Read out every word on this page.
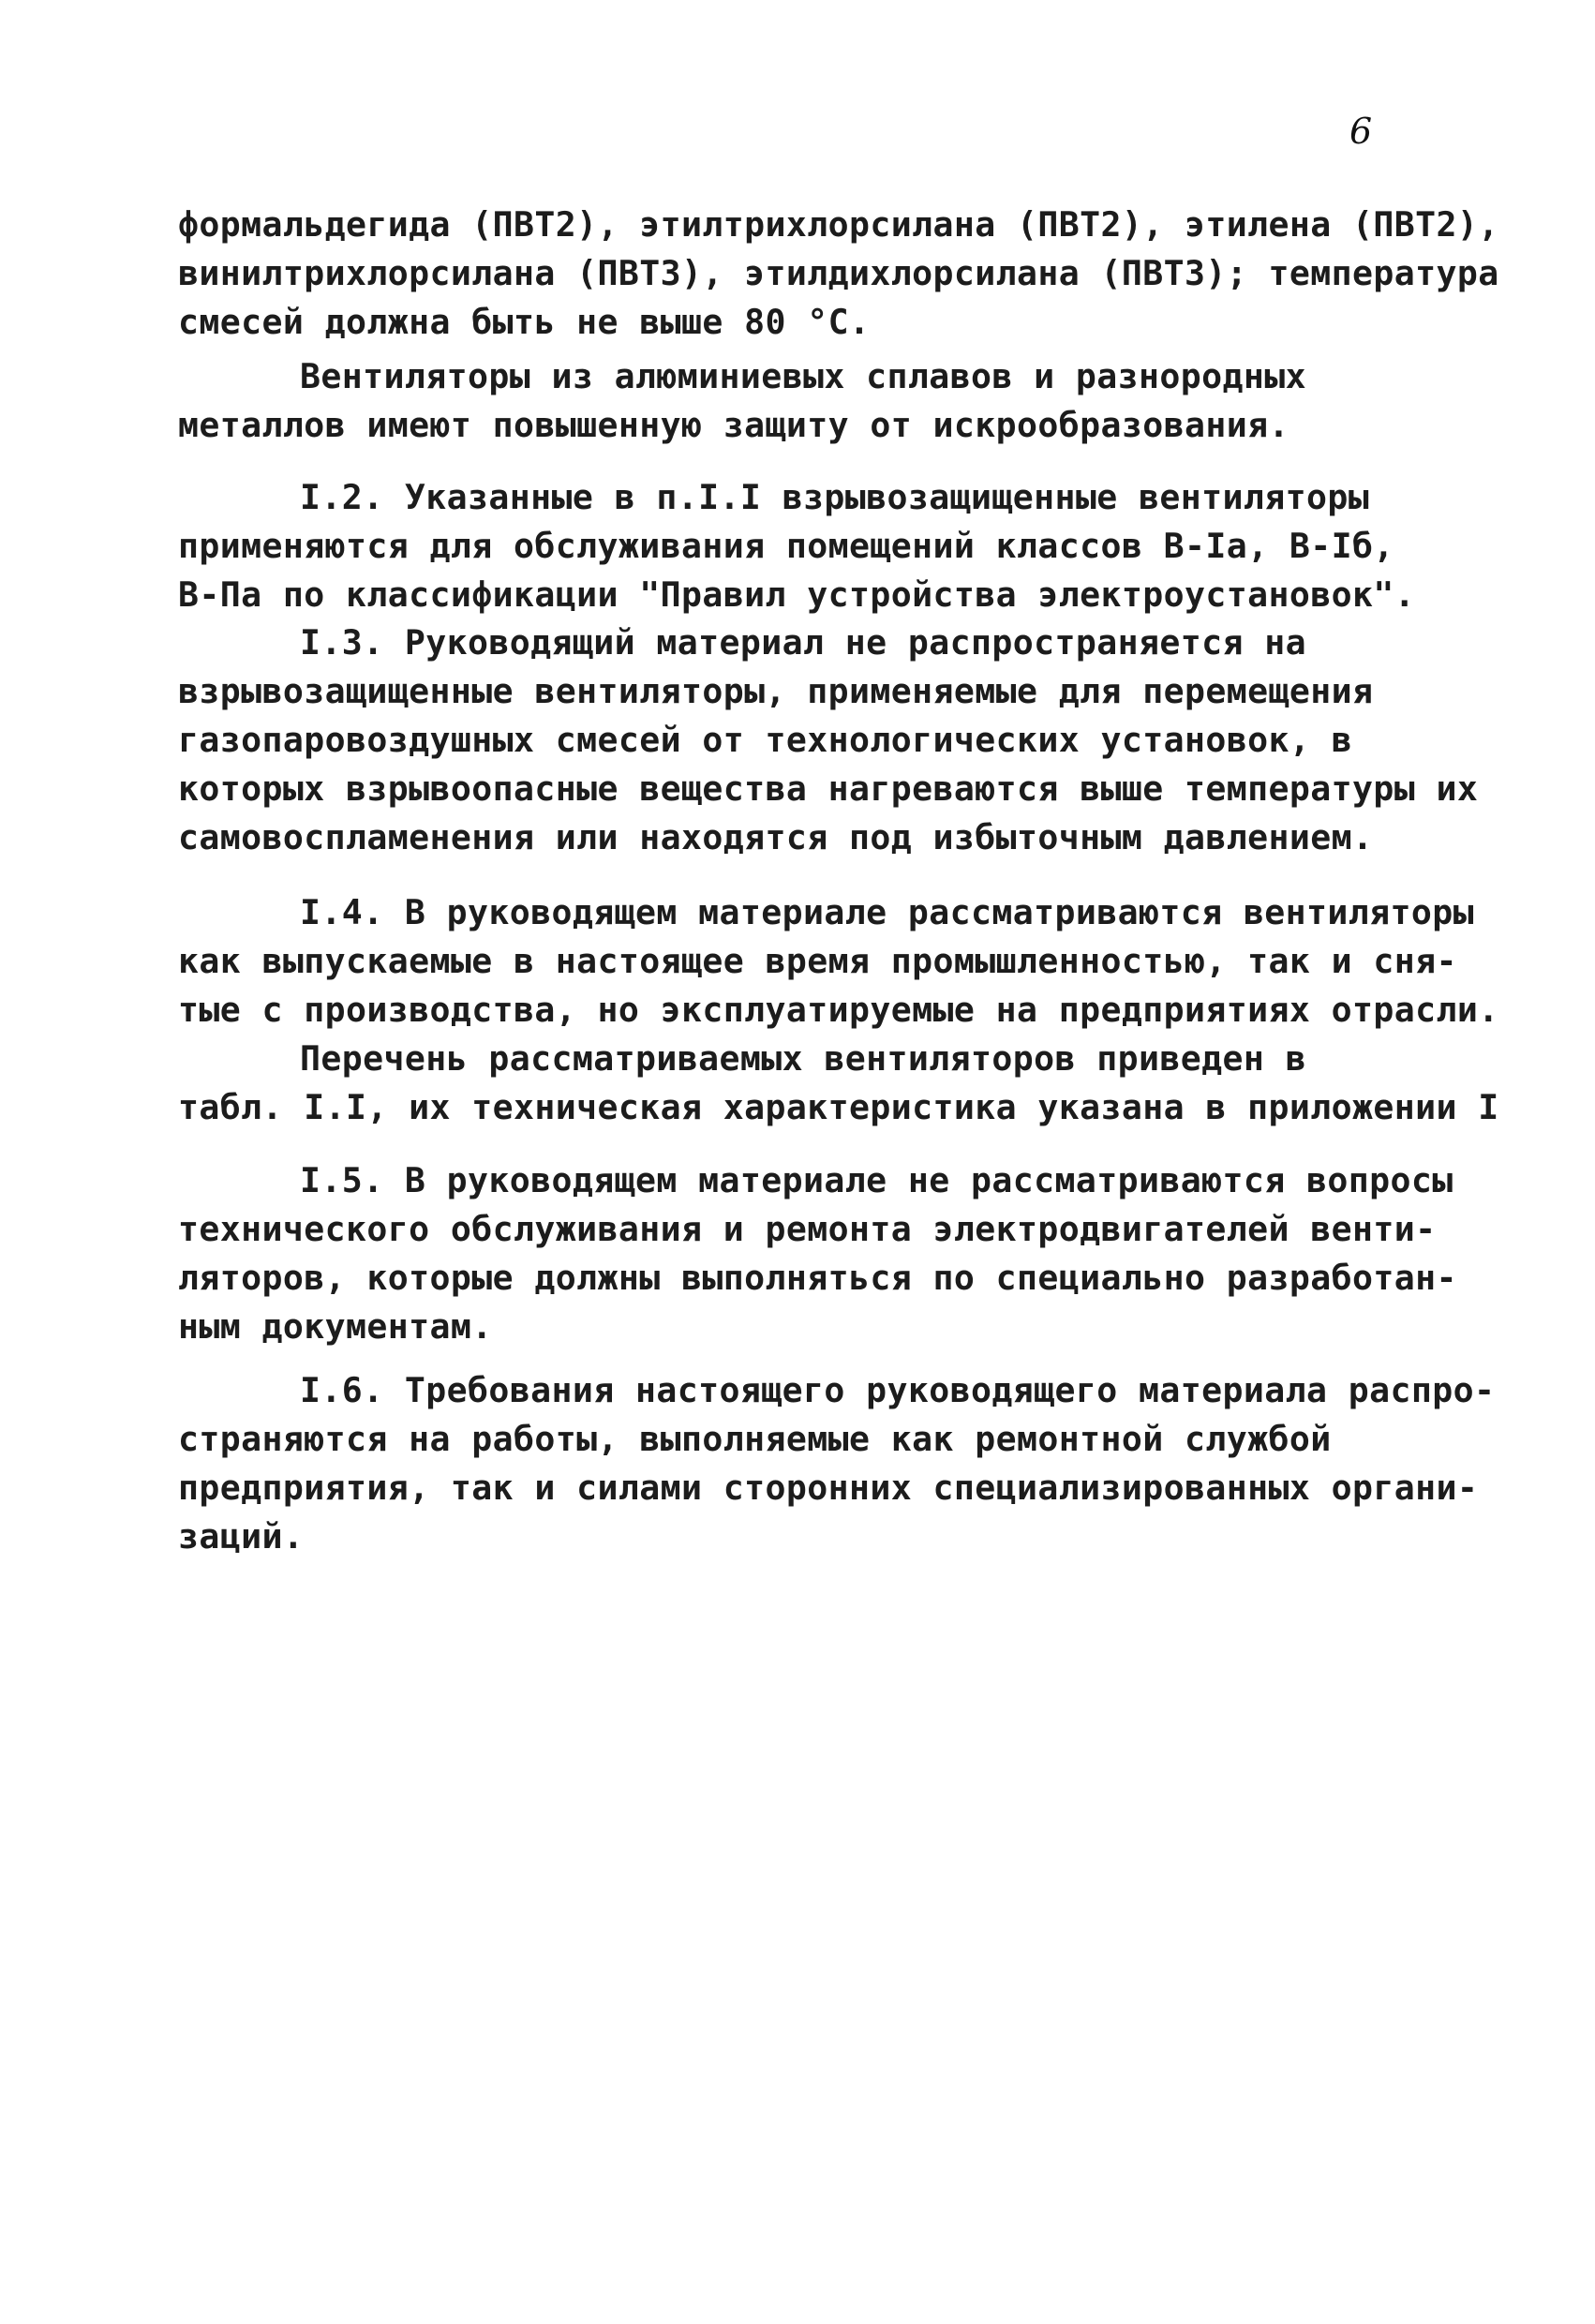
6
формальдегида (ПВТ2), этилтрихлорсилана (ПВТ2), этилена (ПВТ2),
винилтрихлорсилана (ПВТ3), этилдихлорсилана (ПВТ3); температура
смесей должна быть не выше 80 °С.
Вентиляторы из алюминиевых сплавов и разнородных
металлов имеют повышенную защиту от искрообразования.
I.2. Указанные в п.I.I взрывозащищенные вентиляторы
применяются для обслуживания помещений классов В-Iа, В-Iб,
В-Пa по классификации "Правил устройства электроустановок".
I.3. Руководящий материал не распространяется на
взрывозащищенные вентиляторы, применяемые для перемещения
газопаровоздушных смесей от технологических установок, в
которых взрывоопасные вещества нагреваются выше температуры их
самовоспламенения или находятся под избыточным давлением.
I.4. В руководящем материале рассматриваются вентиляторы
как выпускаемые в настоящее время промышленностью, так и сня-
тые с производства, но эксплуатируемые на предприятиях отрасли.
Перечень рассматриваемых вентиляторов приведен в
табл. I.I, их техническая характеристика указана в приложении I
I.5. В руководящем материале не рассматриваются вопросы
технического обслуживания и ремонта электродвигателей венти-
ляторов, которые должны выполняться по специально разработан-
ным документам.
I.6. Требования настоящего руководящего материала распро-
страняются на работы, выполняемые как ремонтной службой
предприятия, так и силами сторонних специализированных органи-
заций.
